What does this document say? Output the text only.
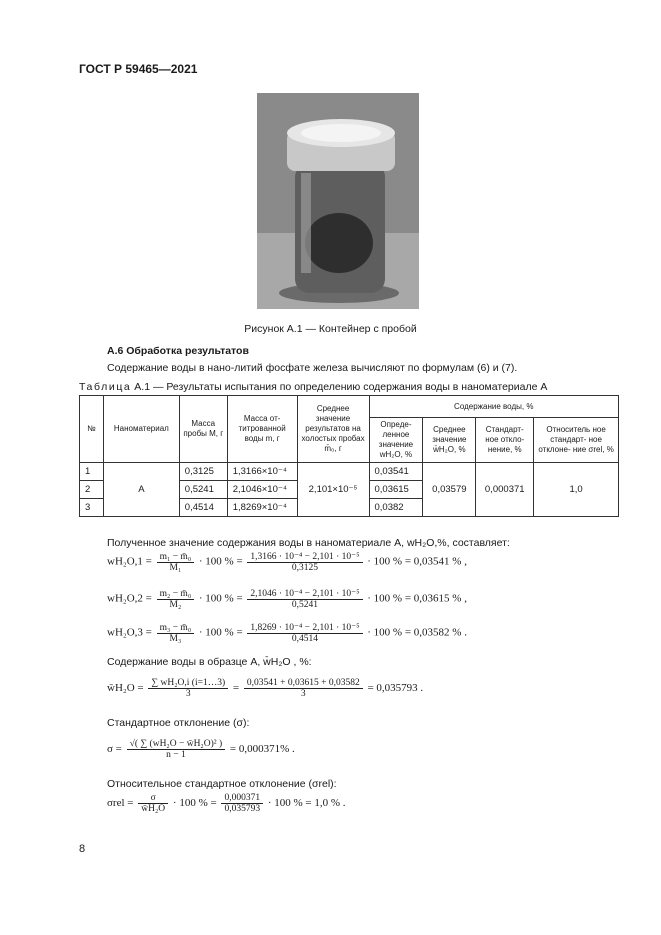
ГОСТ Р 59465—2021
Рисунок А.1 — Контейнер с пробой
А.6 Обработка результатов
Содержание воды в нано-литий фосфате железа вычисляют по формулам (6) и (7).
Таблица А.1 — Результаты испытания по определению содержания воды в наноматериале А
№	Наноматериал	Масса пробы M, г	Масса от- титрованной воды m, г	Среднее значение результатов на холостых пробах m̄₀, г	Содержание воды, %			
					Опреде- ленное значение wH₂O, %	Среднее значение w̄H₂O, %	Стандарт- ное откло- нение, %	Относитель ное стандарт- ное отклоне- ние σrel, %
1	А	0,3125	1,3166×10⁻⁴	2,101×10⁻⁵	0,03541	0,03579	0,000371	1,0
2		0,5241	2,1046×10⁻⁴		0,03615			
3		0,4514	1,8269×10⁻⁴		0,0382			
Полученное значение содержания воды в наноматериале А, wH₂O,%, составляет:
$wH_2O,1 = \frac{\text{m₁ − m̄₀}}{\text{M₁}} \cdot 100$ % = $\frac{\text{1,3166 · 10⁻⁴ − 2,101 · 10⁻⁵}}{0,3125} \cdot 100$ % = 0,03541 % ,
$wH_2O,2 = \frac{\text{m₂ − m̄₀}}{\text{M₂}} \cdot 100$ % = $\frac{\text{2,1046 · 10⁻⁴ − 2,101 · 10⁻⁵}}{0,5241} \cdot 100$ % = 0,03615 % ,
$wH_2O,3 = \frac{\text{m₃ − m̄₀}}{\text{M₃}} \cdot 100$ % = $\frac{\text{1,8269 · 10⁻⁴ − 2,101 · 10⁻⁵}}{0,4514} \cdot 100$ % = 0,03582 % .
Содержание воды в образце А, w̄H₂O , %:
w̄H₂O = $\frac{\text{∑ wH₂O,i (i=1…3)}}{3} = \frac{0,03541 + 0,03615 + 0,03582}{3} = 0,035793$ .
Стандартное отклонение (σ):
$\sigma = \frac{\text{√( ∑ (wH₂O − w̄H₂O)² )}}{n - 1} = 0,000371\%$ .
Относительное стандартное отклонение (σrel):
$\sigma rel = \frac{\sigma}{\text{w̄H₂O}} \cdot 100$ % = $\frac{0,000371}{0,035793} \cdot 100$ % = 1,0 % .
8
